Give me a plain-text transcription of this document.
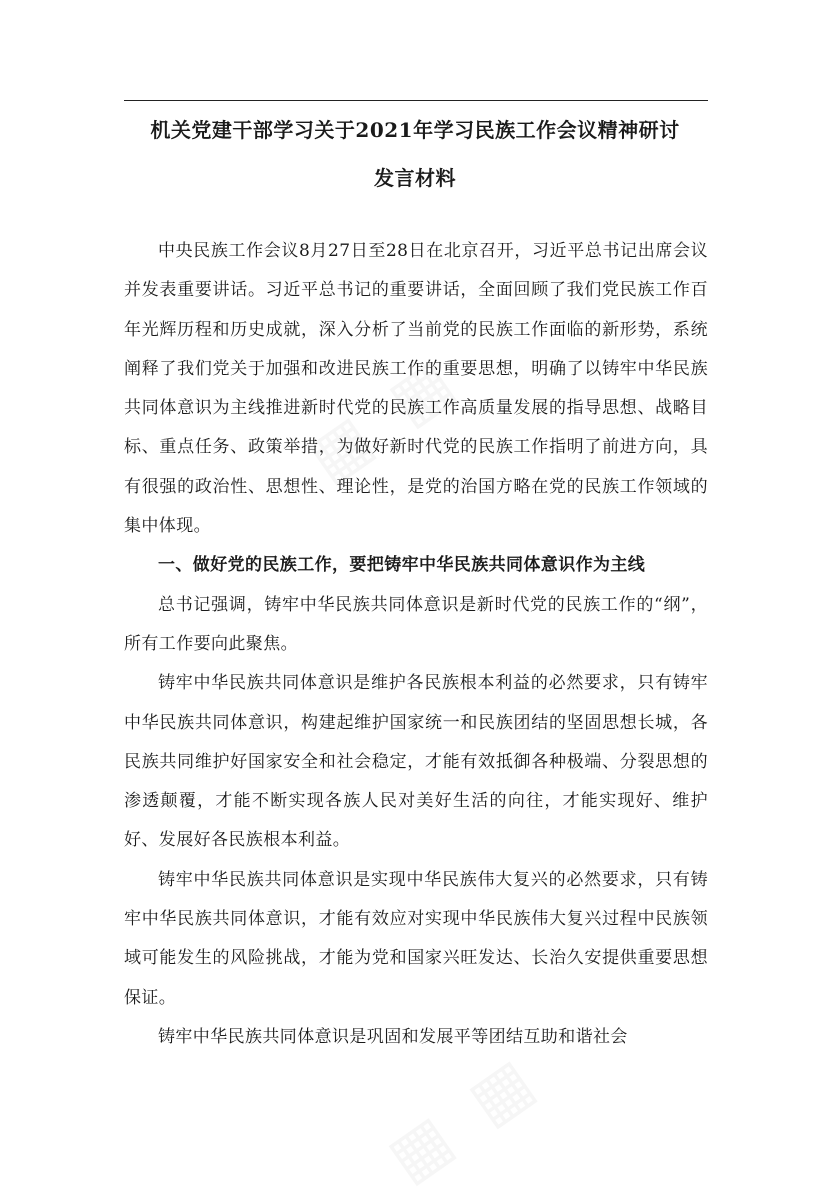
机关党建干部学习关于2021年学习民族工作会议精神研讨
发言材料

中央民族工作会议8月27日至28日在北京召开，习近平总书记出席会议并发表重要讲话。习近平总书记的重要讲话，全面回顾了我们党民族工作百年光辉历程和历史成就，深入分析了当前党的民族工作面临的新形势，系统阐释了我们党关于加强和改进民族工作的重要思想，明确了以铸牢中华民族共同体意识为主线推进新时代党的民族工作高质量发展的指导思想、战略目标、重点任务、政策举措，为做好新时代党的民族工作指明了前进方向，具有很强的政治性、思想性、理论性，是党的治国方略在党的民族工作领域的集中体现。

一、做好党的民族工作，要把铸牢中华民族共同体意识作为主线

总书记强调，铸牢中华民族共同体意识是新时代党的民族工作的“纲”，所有工作要向此聚焦。

铸牢中华民族共同体意识是维护各民族根本利益的必然要求，只有铸牢中华民族共同体意识，构建起维护国家统一和民族团结的坚固思想长城，各民族共同维护好国家安全和社会稳定，才能有效抵御各种极端、分裂思想的渗透颠覆，才能不断实现各族人民对美好生活的向往，才能实现好、维护好、发展好各民族根本利益。

铸牢中华民族共同体意识是实现中华民族伟大复兴的必然要求，只有铸牢中华民族共同体意识，才能有效应对实现中华民族伟大复兴过程中民族领域可能发生的风险挑战，才能为党和国家兴旺发达、长治久安提供重要思想保证。

铸牢中华民族共同体意识是巩固和发展平等团结互助和谐社会
